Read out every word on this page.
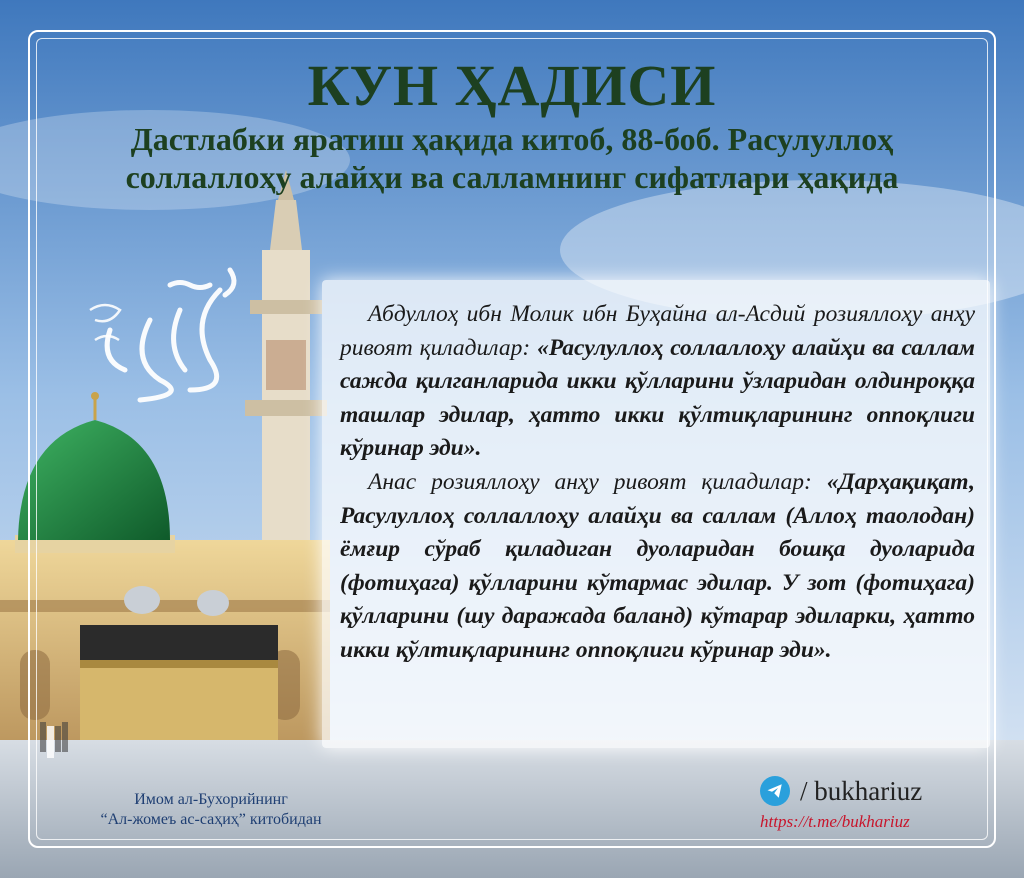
КУН ҲАДИСИ
Дастлабки яратиш ҳақида китоб, 88-боб. Расулуллоҳ соллаллоҳу алайҳи ва салламнинг сифатлари ҳақида

Абдуллоҳ ибн Молик ибн Буҳайна ал-Асдий розияллоҳу анҳу ривоят қиладилар: «Расулуллоҳ соллаллоҳу алайҳи ва саллам сажда қилганларида икки қўлларини ўзларидан олдинроққа ташлар эдилар, ҳатто икки қўлтиқларининг оппоқлиги кўринар эди».

Анас розияллоҳу анҳу ривоят қиладилар: «Дарҳақиқат, Расулуллоҳ соллаллоҳу алайҳи ва саллам (Аллоҳ таолодан) ёмғир сўраб қиладиган дуоларидан бошқа дуоларида (фотиҳага) қўлларини кўтармас эдилар. У зот (фотиҳага) қўлларини (шу даражада баланд) кўтарар эдиларки, ҳатто икки қўлтиқларининг оппоқлиги кўринар эди».

Имом ал-Бухорийнинг
“Ал-жомеъ ас-саҳиҳ” китобидан
/ bukhariuz
https://t.me/bukhariuz
